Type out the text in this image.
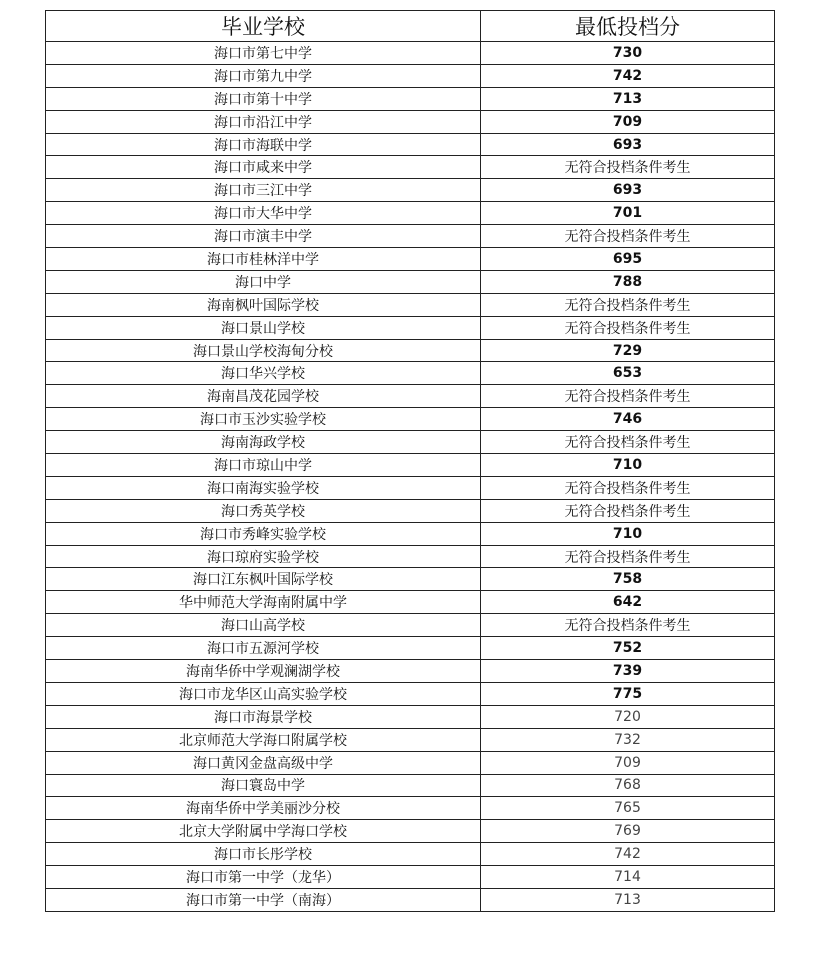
毕业学校	最低投档分
海口市第七中学	730
海口市第九中学	742
海口市第十中学	713
海口市沿江中学	709
海口市海联中学	693
海口市咸来中学	无符合投档条件考生
海口市三江中学	693
海口市大华中学	701
海口市演丰中学	无符合投档条件考生
海口市桂林洋中学	695
海口中学	788
海南枫叶国际学校	无符合投档条件考生
海口景山学校	无符合投档条件考生
海口景山学校海甸分校	729
海口华兴学校	653
海南昌茂花园学校	无符合投档条件考生
海口市玉沙实验学校	746
海南海政学校	无符合投档条件考生
海口市琼山中学	710
海口南海实验学校	无符合投档条件考生
海口秀英学校	无符合投档条件考生
海口市秀峰实验学校	710
海口琼府实验学校	无符合投档条件考生
海口江东枫叶国际学校	758
华中师范大学海南附属中学	642
海口山高学校	无符合投档条件考生
海口市五源河学校	752
海南华侨中学观澜湖学校	739
海口市龙华区山高实验学校	775
海口市海景学校	720
北京师范大学海口附属学校	732
海口黄冈金盘高级中学	709
海口寰岛中学	768
海南华侨中学美丽沙分校	765
北京大学附属中学海口学校	769
海口市长彤学校	742
海口市第一中学（龙华）	714
海口市第一中学（南海）	713
